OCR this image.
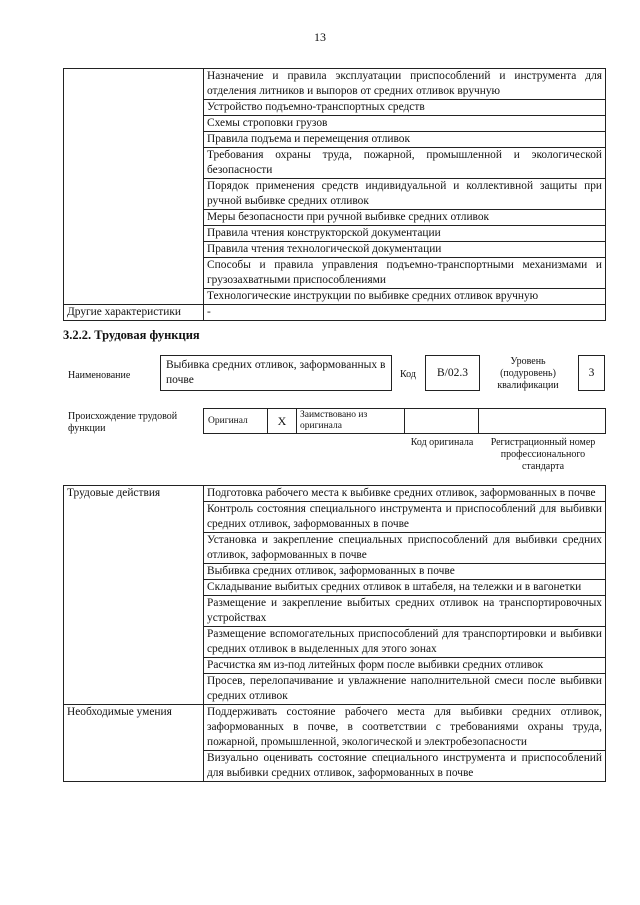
13
	Назначение и правила эксплуатации приспособлений и инструмента для отделения литников и выпоров от средних отливок вручную
	Устройство подъемно-транспортных средств
	Схемы строповки грузов
	Правила подъема и перемещения отливок
	Требования охраны труда, пожарной, промышленной и экологической безопасности
	Порядок применения средств индивидуальной и коллективной защиты при ручной выбивке средних отливок
	Меры безопасности при ручной выбивке средних отливок
	Правила чтения конструкторской документации
	Правила чтения технологической документации
	Способы и правила управления подъемно-транспортными механизмами и грузозахватными приспособлениями
	Технологические инструкции по выбивке средних отливок вручную
Другие характеристики	-
3.2.2. Трудовая функция
Наименование
Выбивка средних отливок, заформованных в почве	Код	В/02.3
Уровень (подуровень) квалификации
3
Происхождение трудовой функции
Оригинал	X	Заимствовано из оригинала
Код оригинала	Регистрационный номер профессионального стандарта
Трудовые действия	Подготовка рабочего места к выбивке средних отливок, заформованных в почве
	Контроль состояния специального инструмента и приспособлений для выбивки средних отливок, заформованных в почве
	Установка и закрепление специальных приспособлений для выбивки средних отливок, заформованных в почве
	Выбивка средних отливок, заформованных в почве
	Складывание выбитых средних отливок в штабеля, на тележки и в вагонетки
	Размещение и закрепление выбитых средних отливок на транспортировочных устройствах
	Размещение вспомогательных приспособлений для транспортировки и выбивки средних отливок в выделенных для этого зонах
	Расчистка ям из-под литейных форм после выбивки средних отливок
	Просев, перелопачивание и увлажнение наполнительной смеси после выбивки средних отливок
Необходимые умения	Поддерживать состояние рабочего места для выбивки средних отливок, заформованных в почве, в соответствии с требованиями охраны труда, пожарной, промышленной, экологической и электробезопасности
	Визуально оценивать состояние специального инструмента и приспособлений для выбивки средних отливок, заформованных в почве
